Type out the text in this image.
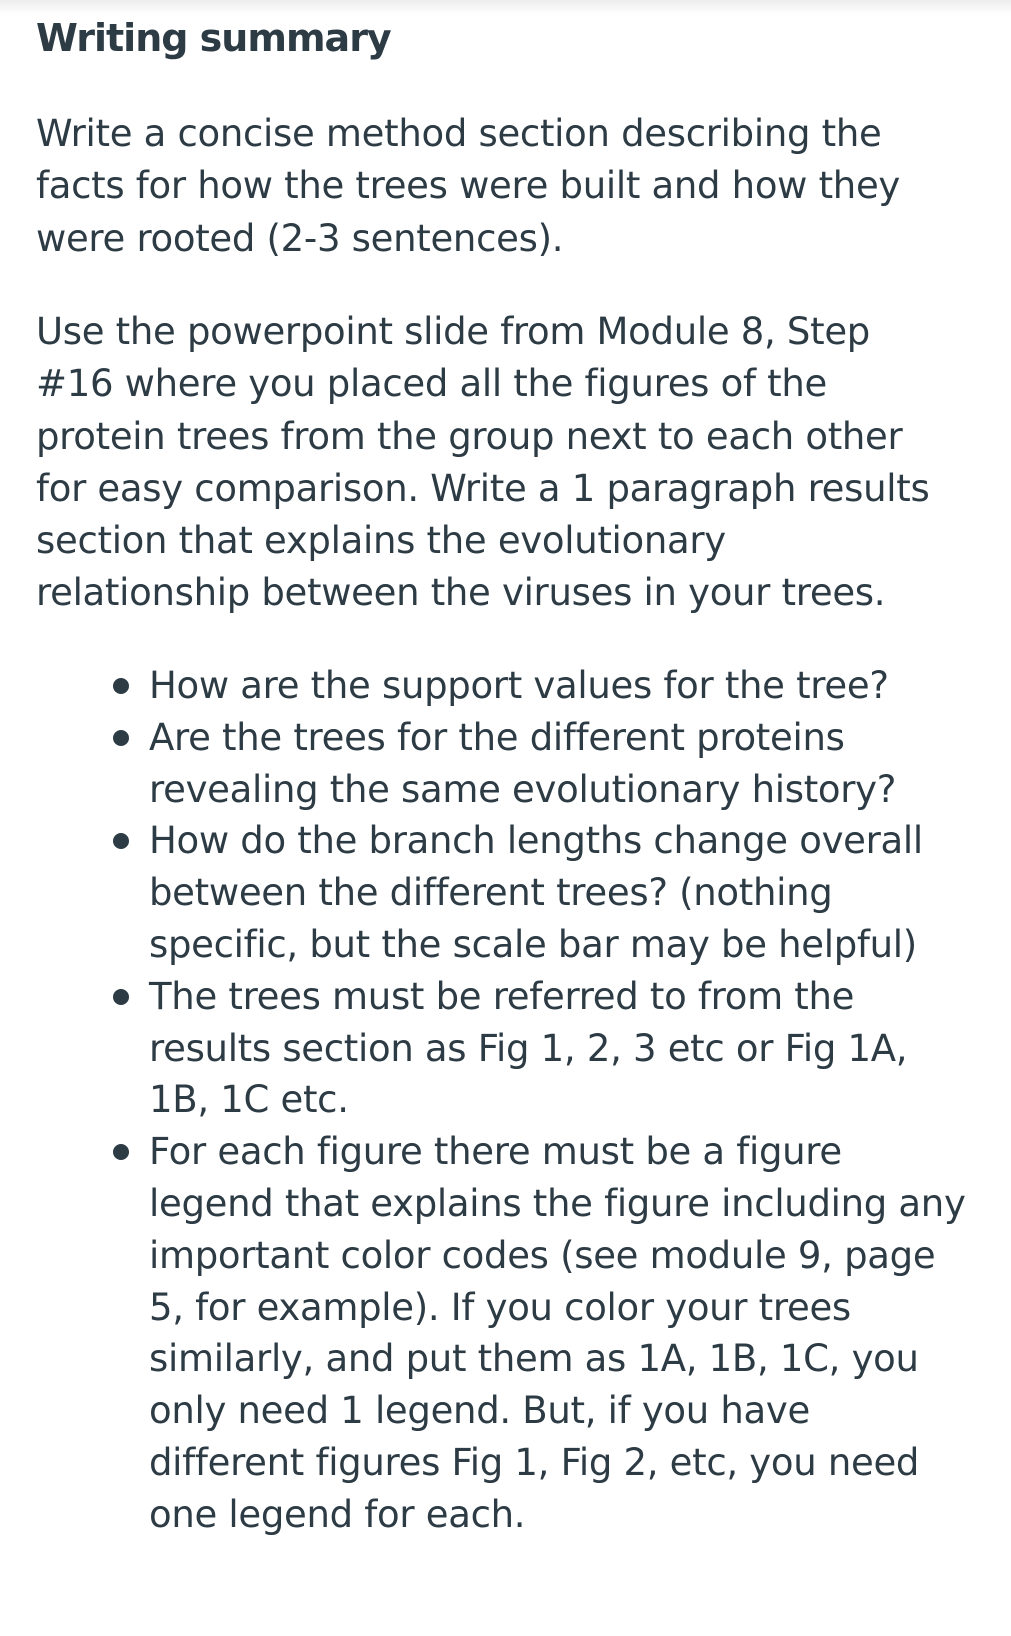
Writing summary

Write a concise method section describing the
facts for how the trees were built and how they
were rooted (2-3 sentences).

Use the powerpoint slide from Module 8, Step
#16 where you placed all the figures of the
protein trees from the group next to each other
for easy comparison. Write a 1 paragraph results
section that explains the evolutionary
relationship between the viruses in your trees.

How are the support values for the tree?
Are the trees for the different proteins
revealing the same evolutionary history?
How do the branch lengths change overall
between the different trees? (nothing
specific, but the scale bar may be helpful)
The trees must be referred to from the
results section as Fig 1, 2, 3 etc or Fig 1A,
1B, 1C etc.
For each figure there must be a figure
legend that explains the figure including any
important color codes (see module 9, page
5, for example). If you color your trees
similarly, and put them as 1A, 1B, 1C, you
only need 1 legend. But, if you have
different figures Fig 1, Fig 2, etc, you need
one legend for each.
